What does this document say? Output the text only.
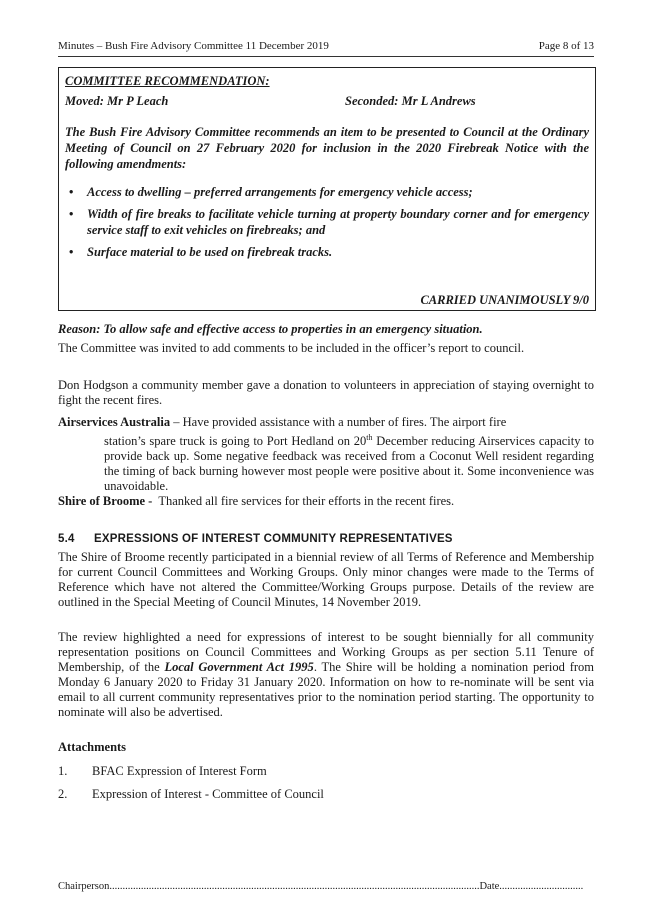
Minutes – Bush Fire Advisory Committee 11 December 2019	Page 8 of 13

COMMITTEE RECOMMENDATION:

Moved: Mr P Leach	Seconded: Mr L Andrews
The Bush Fire Advisory Committee recommends an item to be presented to Council at the Ordinary Meeting of Council on 27 February 2020 for inclusion in the 2020 Firebreak Notice with the following amendments:
• Access to dwelling – preferred arrangements for emergency vehicle access;
• Width of fire breaks to facilitate vehicle turning at property boundary corner and for emergency service staff to exit vehicles on firebreaks; and
• Surface material to be used on firebreak tracks.
CARRIED UNANIMOUSLY 9/0
Reason: To allow safe and effective access to properties in an emergency situation.
The Committee was invited to add comments to be included in the officer’s report to council.
Don Hodgson a community member gave a donation to volunteers in appreciation of staying overnight to fight the recent fires.
Airservices Australia – Have provided assistance with a number of fires. The airport fire
station’s spare truck is going to Port Hedland on 20th December reducing Airservices capacity to provide back up. Some negative feedback was received from a Coconut Well resident regarding the timing of back burning however most people were positive about it. Some inconvenience was unavoidable.
Shire of Broome -  Thanked all fire services for their efforts in the recent fires.
5.4 EXPRESSIONS OF INTEREST COMMUNITY REPRESENTATIVES
The Shire of Broome recently participated in a biennial review of all Terms of Reference and Membership for current Council Committees and Working Groups. Only minor changes were made to the Terms of Reference which have not altered the Committee/Working Groups purpose. Details of the review are outlined in the Special Meeting of Council Minutes, 14 November 2019.
The review highlighted a need for expressions of interest to be sought biennially for all community representation positions on Council Committees and Working Groups as per section 5.11 Tenure of Membership, of the Local Government Act 1995. The Shire will be holding a nomination period from Monday 6 January 2020 to Friday 31 January 2020. Information on how to re-nominate will be sent via email to all current community representatives prior to the nomination period starting. The opportunity to nominate will also be advertised.
Attachments
1. BFAC Expression of Interest Form
2. Expression of Interest - Committee of Council
Chairperson.............................................................................................................................................Date................................
